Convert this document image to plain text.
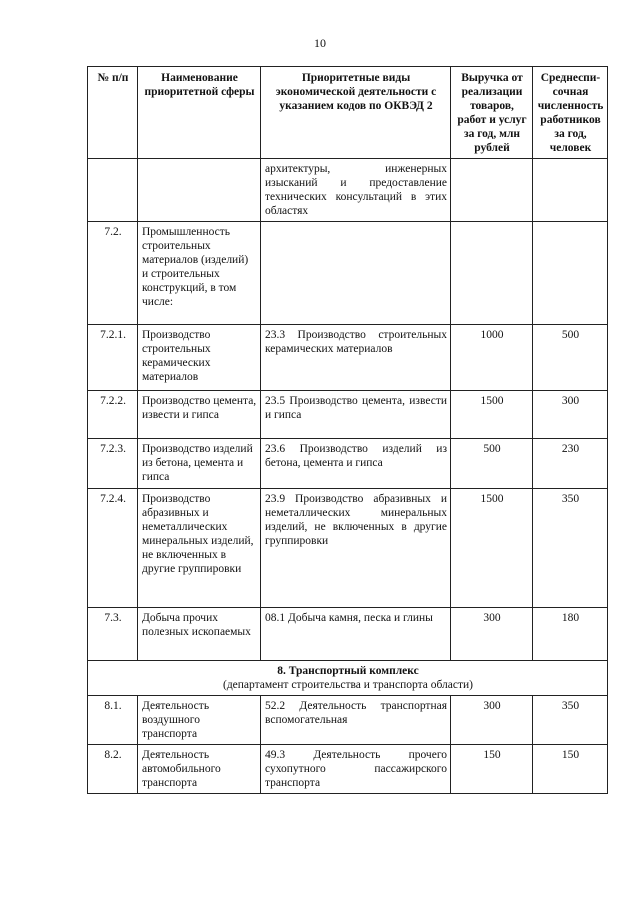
10
№ п/п	Наименование приоритетной сферы	Приоритетные виды экономической деятельности с указанием кодов по ОКВЭД 2	Выручка от реализации товаров, работ и услуг за год, млн рублей	Среднеспи-сочная численность работников за год, человек
		архитектуры, инженерных изысканий и предоставление технических консультаций в этих областях		
7.2.	Промышленность строительных материалов (изделий) и строительных конструкций, в том числе:			
7.2.1.	Производство строительных керамических материалов	23.3 Производство строительных керамических материалов	1000	500
7.2.2.	Производство цемента, извести и гипса	23.5 Производство цемента, извести и гипса	1500	300
7.2.3.	Производство изделий из бетона, цемента и гипса	23.6 Производство изделий из бетона, цемента и гипса	500	230
7.2.4.	Производство абразивных и неметаллических минеральных изделий, не включенных в другие группировки	23.9 Производство абразивных и неметаллических минеральных изделий, не включенных в другие группировки	1500	350
7.3.	Добыча прочих полезных ископаемых	08.1 Добыча камня, песка и глины	300	180

8. Транспортный комплекс
(департамент строительства и транспорта области)				

8.1.	Деятельность воздушного транспорта	52.2 Деятельность транспортная вспомогательная	300	350
8.2.	Деятельность автомобильного транспорта	49.3 Деятельность прочего сухопутного пассажирского транспорта	150	150
